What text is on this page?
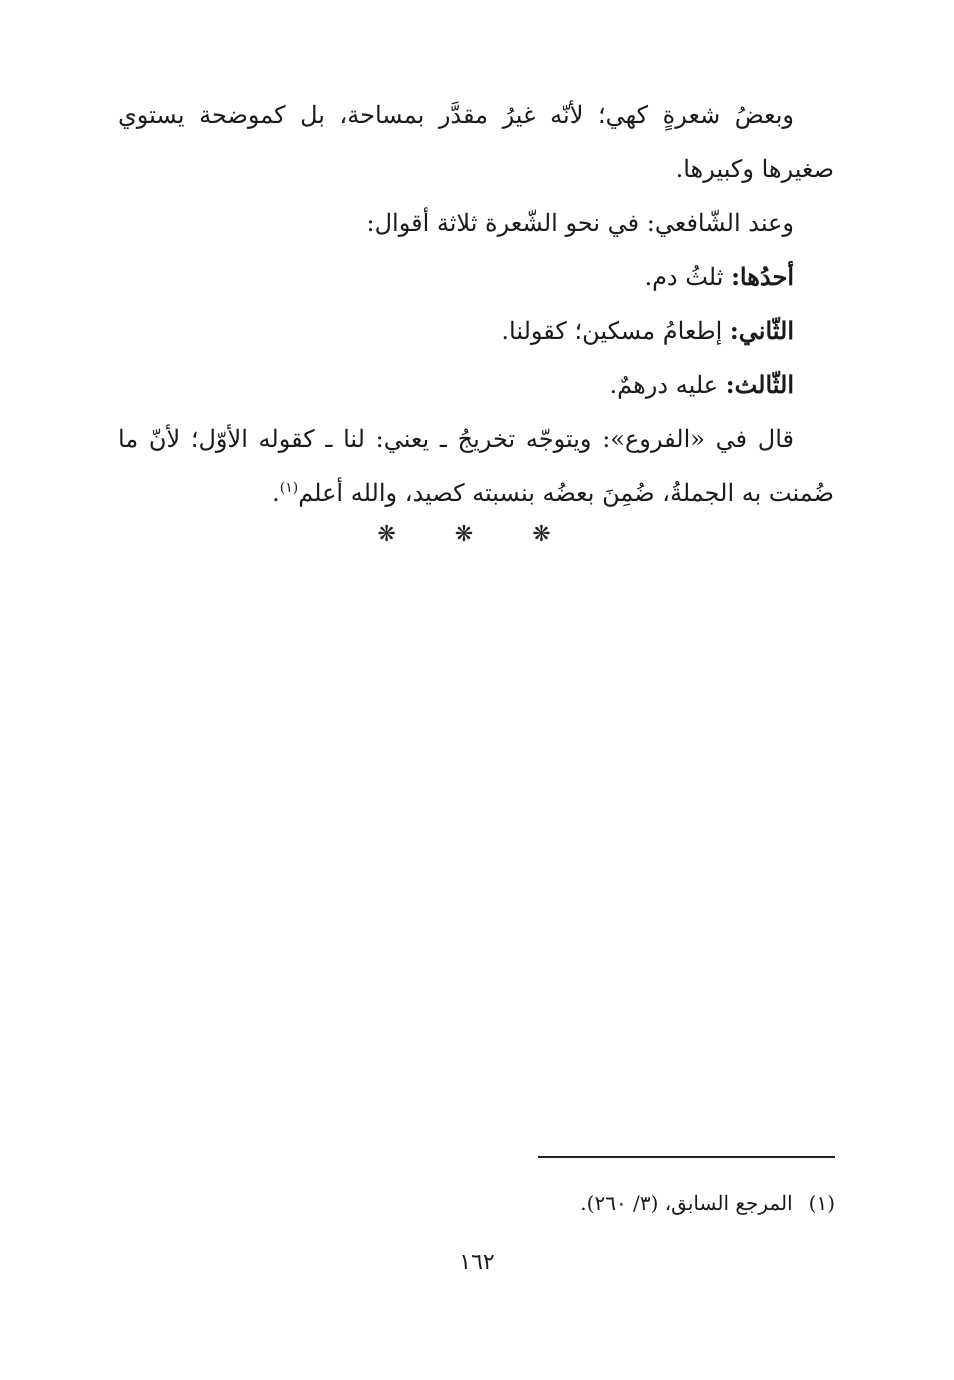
وبعضُ شعرةٍ كهي؛ لأنّه غيرُ مقدَّر بمساحة، بل كموضحة يستوي صغيرها وكبيرها.

وعند الشّافعي: في نحو الشّعرة ثلاثة أقوال:

أحدُها: ثلثُ دم.

الثّاني: إطعامُ مسكين؛ كقولنا.

الثّالث: عليه درهمٌ.

قال في «الفروع»: ويتوجّه تخريجُ ـ يعني: لنا ـ كقوله الأوّل؛ لأنّ ما ضُمنت به الجملةُ، ضُمِنَ بعضُه بنسبته كصيد، والله أعلم$^{(١)}$.

❋ ❋ ❋
(١)المرجع السابق، (٣/ ٢٦٠).
١٦٢
